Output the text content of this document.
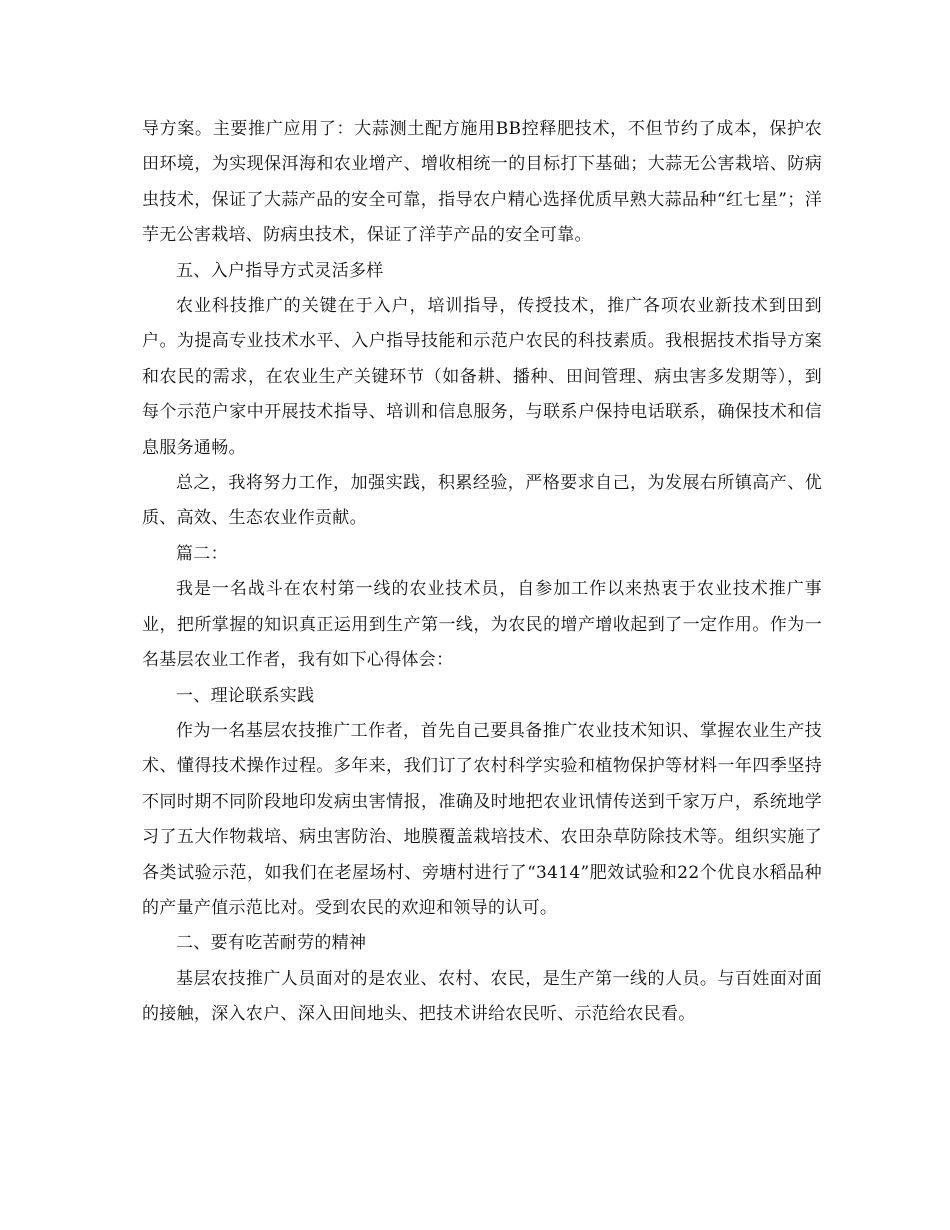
导方案。主要推广应用了：大蒜测土配方施用BB控释肥技术，不但节约了成本，保护农田环境，为实现保洱海和农业增产、增收相统一的目标打下基础；大蒜无公害栽培、防病虫技术，保证了大蒜产品的安全可靠，指导农户精心选择优质早熟大蒜品种“红七星”；洋芋无公害栽培、防病虫技术，保证了洋芋产品的安全可靠。

五、入户指导方式灵活多样

农业科技推广的关键在于入户，培训指导，传授技术，推广各项农业新技术到田到户。为提高专业技术水平、入户指导技能和示范户农民的科技素质。我根据技术指导方案和农民的需求，在农业生产关键环节（如备耕、播种、田间管理、病虫害多发期等），到每个示范户家中开展技术指导、培训和信息服务，与联系户保持电话联系，确保技术和信息服务通畅。

总之，我将努力工作，加强实践，积累经验，严格要求自己，为发展右所镇高产、优质、高效、生态农业作贡献。

篇二：

我是一名战斗在农村第一线的农业技术员，自参加工作以来热衷于农业技术推广事业，把所掌握的知识真正运用到生产第一线，为农民的增产增收起到了一定作用。作为一名基层农业工作者，我有如下心得体会：

一、理论联系实践

作为一名基层农技推广工作者，首先自己要具备推广农业技术知识、掌握农业生产技术、懂得技术操作过程。多年来，我们订了农村科学实验和植物保护等材料一年四季坚持不同时期不同阶段地印发病虫害情报，准确及时地把农业讯情传送到千家万户，系统地学习了五大作物栽培、病虫害防治、地膜覆盖栽培技术、农田杂草防除技术等。组织实施了各类试验示范，如我们在老屋场村、旁塘村进行了“3414”肥效试验和22个优良水稻品种的产量产值示范比对。受到农民的欢迎和领导的认可。

二、要有吃苦耐劳的精神

基层农技推广人员面对的是农业、农村、农民，是生产第一线的人员。与百姓面对面的接触，深入农户、深入田间地头、把技术讲给农民听、示范给农民看。
